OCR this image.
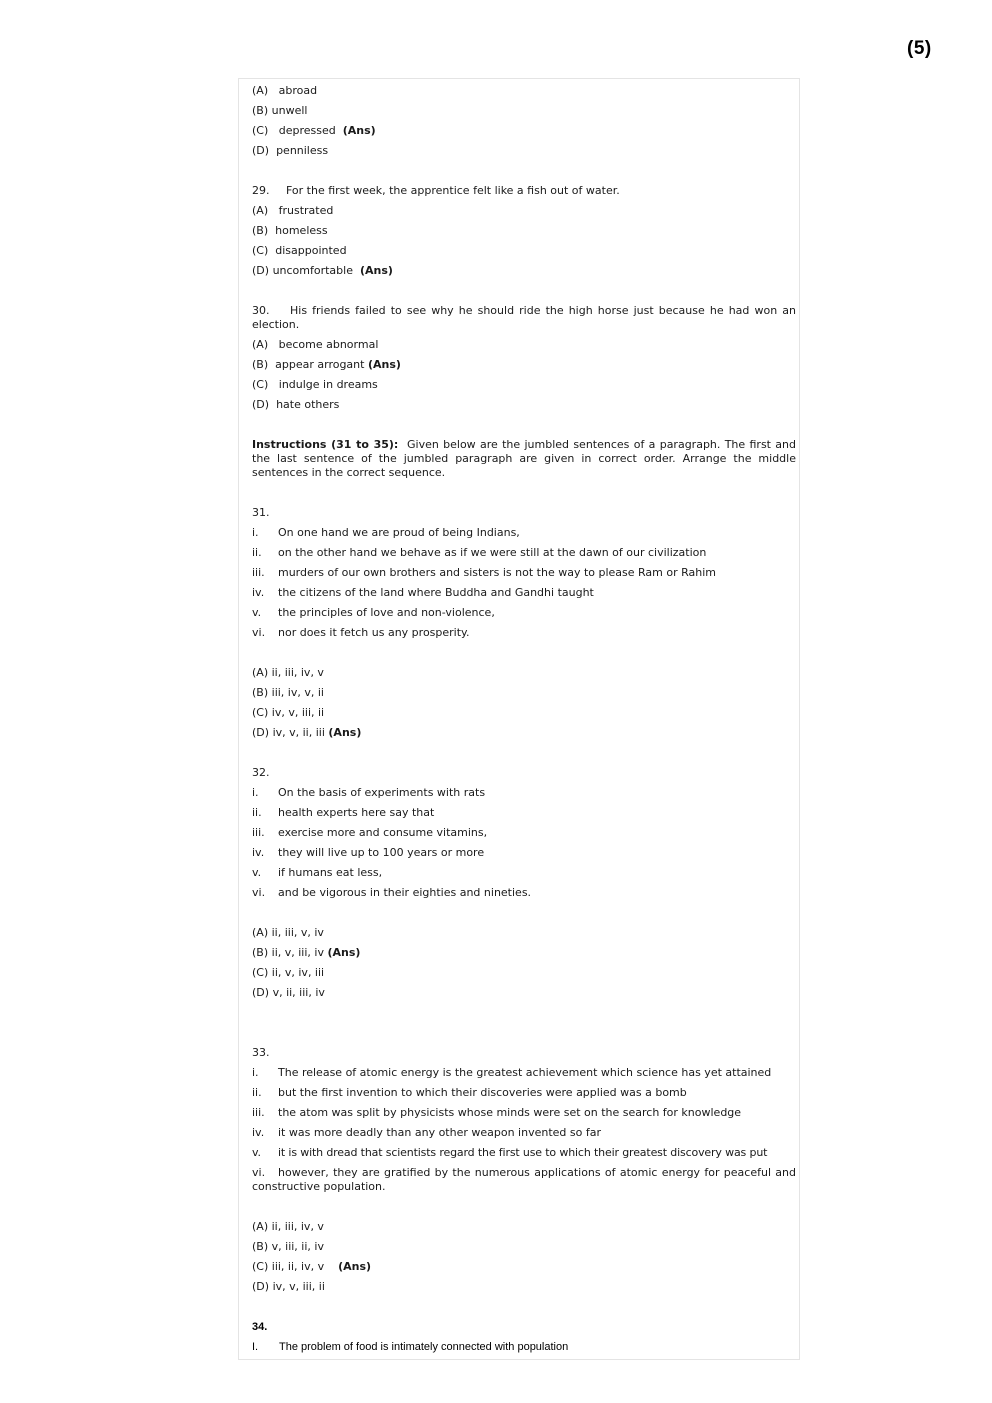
(5)
(A) abroad
(B) unwell
(C) depressed (Ans)
(D) penniless
29. For the first week, the apprentice felt like a fish out of water.
(A) frustrated
(B) homeless
(C) disappointed
(D) uncomfortable (Ans)
30. His friends failed to see why he should ride the high horse just because he had won an election.
(A) become abnormal
(B) appear arrogant (Ans)
(C) indulge in dreams
(D) hate others
Instructions (31 to 35): Given below are the jumbled sentences of a paragraph. The first and the last sentence of the jumbled paragraph are given in correct order. Arrange the middle sentences in the correct sequence.
31.
i. On one hand we are proud of being Indians,
ii. on the other hand we behave as if we were still at the dawn of our civilization
iii. murders of our own brothers and sisters is not the way to please Ram or Rahim
iv. the citizens of the land where Buddha and Gandhi taught
v. the principles of love and non-violence,
vi. nor does it fetch us any prosperity.
(A) ii, iii, iv, v
(B) iii, iv, v, ii
(C) iv, v, iii, ii
(D) iv, v, ii, iii (Ans)
32.
i. On the basis of experiments with rats
ii. health experts here say that
iii. exercise more and consume vitamins,
iv. they will live up to 100 years or more
v. if humans eat less,
vi. and be vigorous in their eighties and nineties.
(A) ii, iii, v, iv
(B) ii, v, iii, iv (Ans)
(C) ii, v, iv, iii
(D) v, ii, iii, iv
33.
i. The release of atomic energy is the greatest achievement which science has yet attained
ii. but the first invention to which their discoveries were applied was a bomb
iii. the atom was split by physicists whose minds were set on the search for knowledge
iv. it was more deadly than any other weapon invented so far
v. it is with dread that scientists regard the first use to which their greatest discovery was put
vi. however, they are gratified by the numerous applications of atomic energy for peaceful and constructive population.
(A) ii, iii, iv, v
(B) v, iii, ii, iv
(C) iii, ii, iv, v (Ans)
(D) iv, v, iii, ii
34.
I. The problem of food is intimately connected with population
